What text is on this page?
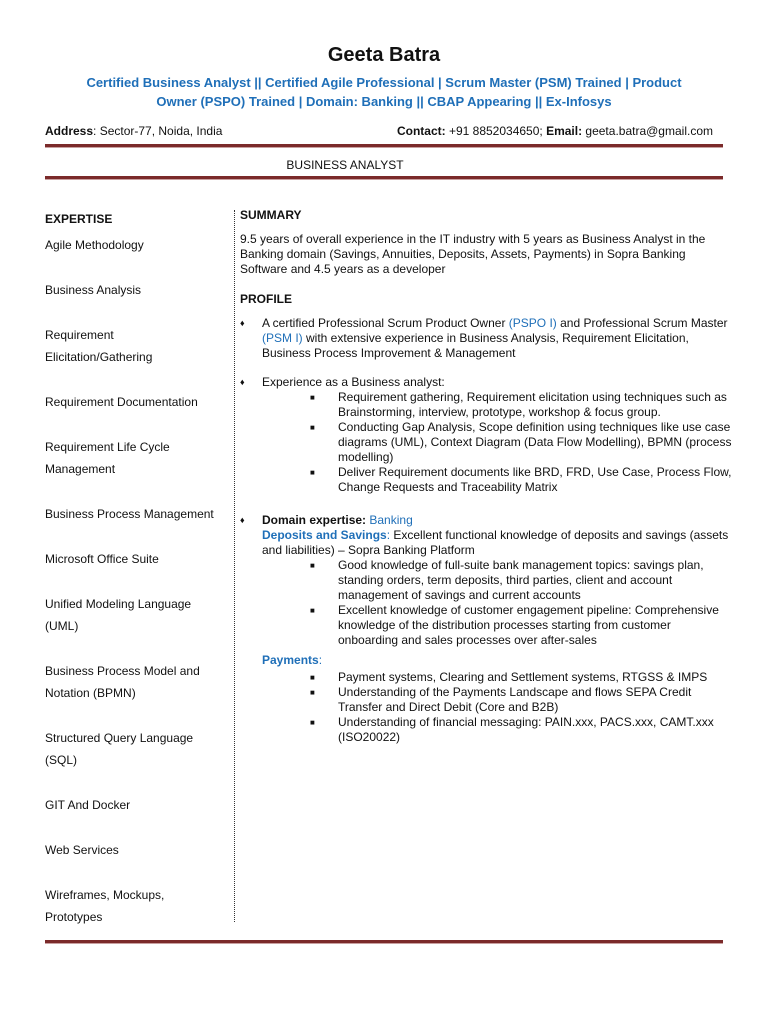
Geeta Batra
Certified Business Analyst || Certified Agile Professional | Scrum Master (PSM) Trained | Product
Owner (PSPO) Trained | Domain: Banking || CBAP Appearing || Ex-Infosys
Address: Sector-77, Noida, India	Contact: +91 8852034650; Email: geeta.batra@gmail.com
BUSINESS ANALYST
EXPERTISE
Agile Methodology
Business Analysis
Requirement
Elicitation/Gathering
Requirement Documentation
Requirement Life Cycle
Management
Business Process Management
Microsoft Office Suite
Unified Modeling Language
(UML)
Business Process Model and
Notation (BPMN)
Structured Query Language
(SQL)
GIT And Docker
Web Services
Wireframes, Mockups,
Prototypes
SUMMARY

9.5 years of overall experience in the IT industry with 5 years as Business Analyst in the Banking domain (Savings, Annuities, Deposits, Assets, Payments) in Sopra Banking Software and 4.5 years as a developer

PROFILE
♦ A certified Professional Scrum Product Owner (PSPO I) and Professional Scrum Master (PSM I) with extensive experience in Business Analysis, Requirement Elicitation, Business Process Improvement & Management
♦ Experience as a Business analyst:
■ Requirement gathering, Requirement elicitation using techniques such as Brainstorming, interview, prototype, workshop & focus group.
■ Conducting Gap Analysis, Scope definition using techniques like use case diagrams (UML), Context Diagram (Data Flow Modelling), BPMN (process modelling)
■ Deliver Requirement documents like BRD, FRD, Use Case, Process Flow, Change Requests and Traceability Matrix
♦ Domain expertise: Banking
Deposits and Savings: Excellent functional knowledge of deposits and savings (assets and liabilities) – Sopra Banking Platform
■ Good knowledge of full-suite bank management topics: savings plan, standing orders, term deposits, third parties, client and account management of savings and current accounts
■ Excellent knowledge of customer engagement pipeline: Comprehensive knowledge of the distribution processes starting from customer onboarding and sales processes over after-sales
Payments:
■ Payment systems, Clearing and Settlement systems, RTGSS & IMPS
■ Understanding of the Payments Landscape and flows SEPA Credit Transfer and Direct Debit (Core and B2B)
■ Understanding of financial messaging: PAIN.xxx, PACS.xxx, CAMT.xxx (ISO20022)
